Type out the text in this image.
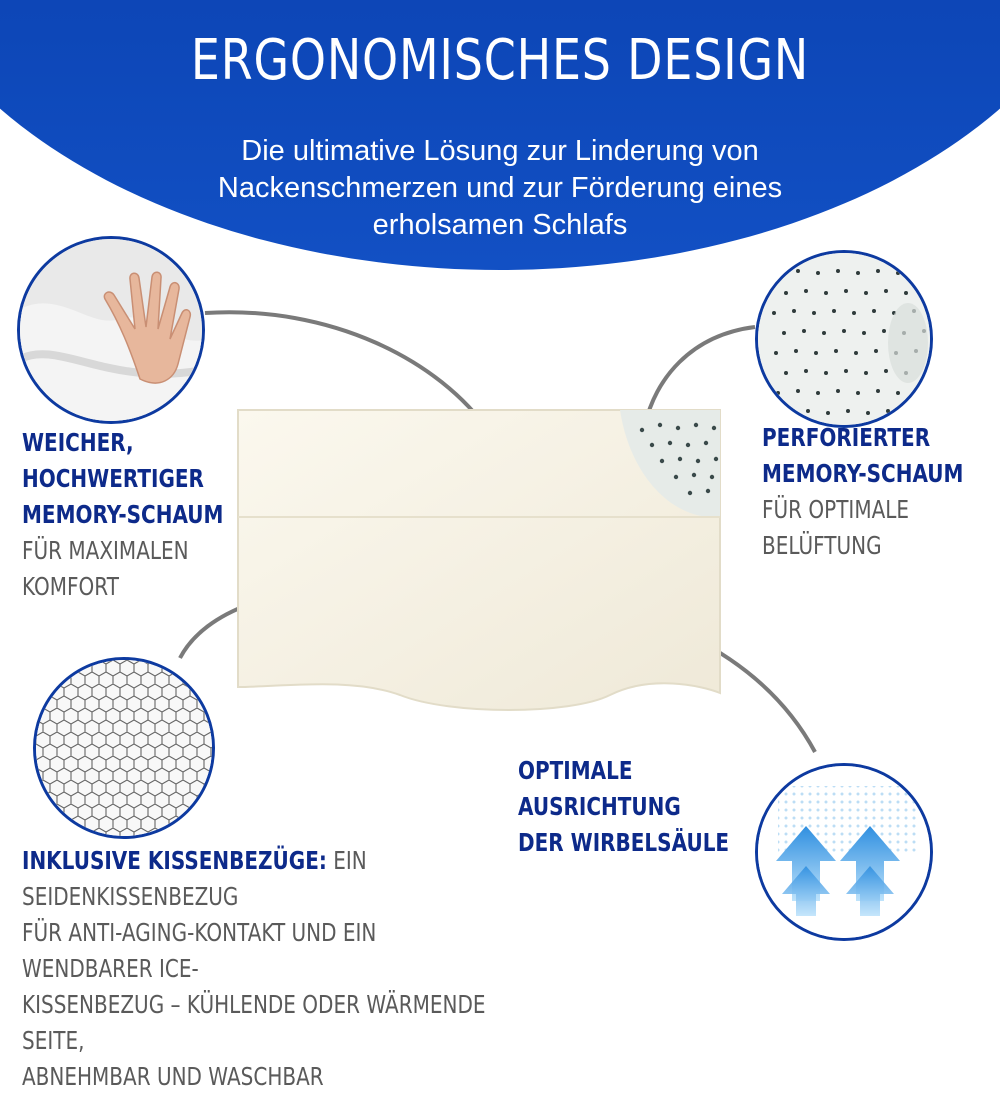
ERGONOMISCHES DESIGN
Die ultimative Lösung zur Linderung von Nackenschmerzen und zur Förderung eines erholsamen Schlafs
WEICHER,
HOCHWERTIGER
MEMORY-SCHAUM
FÜR MAXIMALEN
KOMFORT
PERFORIERTER
MEMORY-SCHAUM
FÜR OPTIMALE
BELÜFTUNG
OPTIMALE AUSRICHTUNG
DER WIRBELSÄULE
INKLUSIVE KISSENBEZÜGE: EIN SEIDENKISSENBEZUG
FÜR ANTI-AGING-KONTAKT UND EIN WENDBARER ICE-
KISSENBEZUG – KÜHLENDE ODER WÄRMENDE SEITE,
ABNEHMBAR UND WASCHBAR
